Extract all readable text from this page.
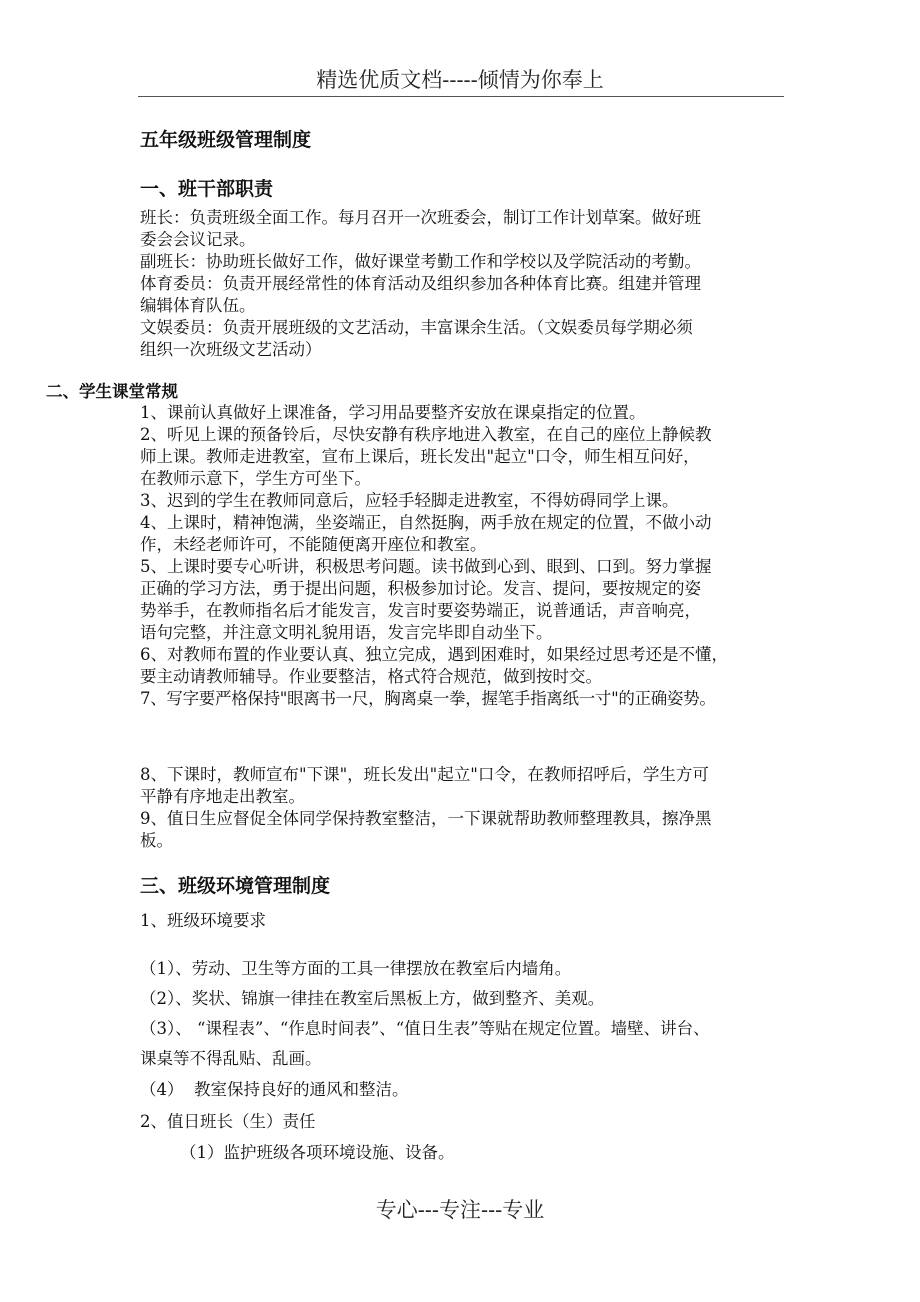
精选优质文档-----倾情为你奉上
五年级班级管理制度
一、班干部职责
班长：负责班级全面工作。每月召开一次班委会，制订工作计划草案。做好班
委会会议记录。
副班长：协助班长做好工作，做好课堂考勤工作和学校以及学院活动的考勤。
体育委员：负责开展经常性的体育活动及组织参加各种体育比赛。组建并管理
编辑体育队伍。
文娱委员：负责开展班级的文艺活动，丰富课余生活。（文娱委员每学期必须
组织一次班级文艺活动）
二、学生课堂常规
1、课前认真做好上课准备，学习用品要整齐安放在课桌指定的位置。
2、听见上课的预备铃后，尽快安静有秩序地进入教室，在自己的座位上静候教
师上课。教师走进教室，宣布上课后，班长发出"起立"口令，师生相互问好，
在教师示意下，学生方可坐下。
3、迟到的学生在教师同意后，应轻手轻脚走进教室，不得妨碍同学上课。
4、上课时，精神饱满，坐姿端正，自然挺胸，两手放在规定的位置，不做小动
作，未经老师许可，不能随便离开座位和教室。
5、上课时要专心听讲，积极思考问题。读书做到心到、眼到、口到。努力掌握
正确的学习方法，勇于提出问题，积极参加讨论。发言、提问，要按规定的姿
势举手，在教师指名后才能发言，发言时要姿势端正，说普通话，声音响亮，
语句完整，并注意文明礼貌用语，发言完毕即自动坐下。
6、对教师布置的作业要认真、独立完成，遇到困难时，如果经过思考还是不懂，
要主动请教师辅导。作业要整洁，格式符合规范，做到按时交。
7、写字要严格保持"眼离书一尺，胸离桌一拳，握笔手指离纸一寸"的正确姿势。
8、下课时，教师宣布"下课"，班长发出"起立"口令，在教师招呼后，学生方可
平静有序地走出教室。
9、值日生应督促全体同学保持教室整洁，一下课就帮助教师整理教具，擦净黑
板。
三、班级环境管理制度
1、班级环境要求
（1）、劳动、卫生等方面的工具一律摆放在教室后内墙角。
（2）、奖状、锦旗一律挂在教室后黑板上方，做到整齐、美观。
（3）、 “课程表”、“作息时间表”、“值日生表”等贴在规定位置。墙壁、讲台、
课桌等不得乱贴、乱画。
（4）  教室保持良好的通风和整洁。
2、值日班长（生）责任
（1）监护班级各项环境设施、设备。
专心---专注---专业
